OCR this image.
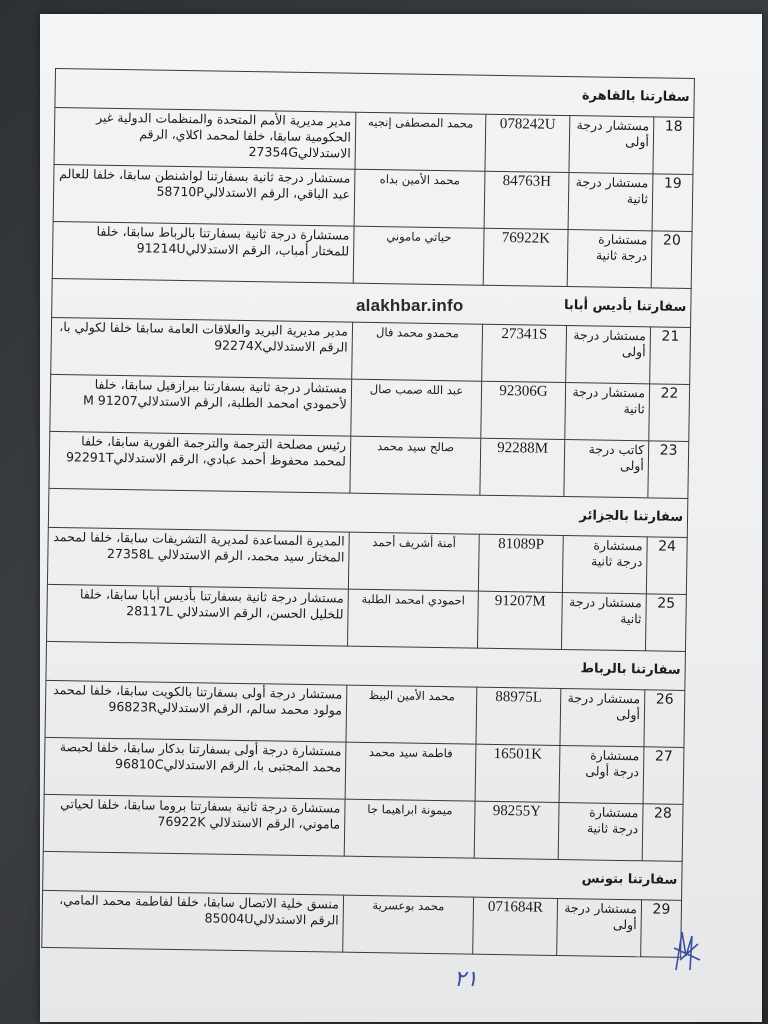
سفارتنا بالقاهرة				
18	مستشار درجة أولى	078242U	محمد المصطفى إنجيه	مدير مديرية الأمم المتحدة والمنظمات الدولية غير الحكومية سابقا، خلفا لمحمد اكلاي، الرقم الاستدلالي27354G
19	مستشار درجة ثانية	84763H	محمد الأمين بداه	مستشار درجة ثانية بسفارتنا لواشنطن سابقا، خلفا للعالم عبد الباقي، الرقم الاستدلالي58710P
20	مستشارة درجة ثانية	76922K	حياتي ماموني	مستشارة درجة ثانية بسفارتنا بالرباط سابقا، خلفا للمختار أمباب، الرقم الاستدلالي91214U
سفارتنا بأديس أبابا				
21	مستشار درجة أولى	27341S	محمدو محمد فال	مدير مديرية البريد والعلاقات العامة سابقا خلفا لكولي با، الرقم الاستدلالي92274X
22	مستشار درجة ثانية	92306G	عبد الله صمب صال	مستشار درجة ثانية بسفارتنا ببرازفيل سابقا، خلفا لأحمودي امحمد الطلبة، الرقم الاستدلالي91207 M
23	كاتب درجة أولى	92288M	صالح سيد محمد	رئيس مصلحة الترجمة والترجمة الفورية سابقا، خلفا لمحمد محفوظ أحمد عبادي، الرقم الاستدلالي92291T
سفارتنا بالجزائر				
24	مستشارة درجة ثانية	81089P	أمنة أشريف أحمد	المديرة المساعدة لمديرية التشريفات سابقا، خلفا لمحمد المختار سيد محمد، الرقم الاستدلالي 27358L
25	مستشار درجة ثانية	91207M	احمودي امحمد الطلبة	مستشار درجة ثانية بسفارتنا بأديس أبابا سابقا، خلفا للخليل الحسن، الرقم الاستدلالي 28117L
سفارتنا بالرباط				
26	مستشار درجة أولى	88975L	محمد الأمين البيظ	مستشار درجة أولى بسفارتنا بالكويت سابقا، خلفا لمحمد مولود محمد سالم، الرقم الاستدلالي96823R
27	مستشارة درجة أولى	16501K	فاطمة سيد محمد	مستشارة درجة أولى بسفارتنا بدكار سابقا، خلفا لحبصة محمد المجتبى با، الرقم الاستدلالي96810C
28	مستشارة درجة ثانية	98255Y	ميمونة ابراهيما جا	مستشارة درجة ثانية بسفارتنا بروما سابقا، خلفا لحياتي ماموني، الرقم الاستدلالي 76922K
سفارتنا بتونس				
29	مستشار درجة أولى	071684R	محمد بوعسرية	منسق خلية الاتصال سابقا، خلفا لفاطمة محمد المامي، الرقم الاستدلالي85004U
alakhbar.info
٢١
